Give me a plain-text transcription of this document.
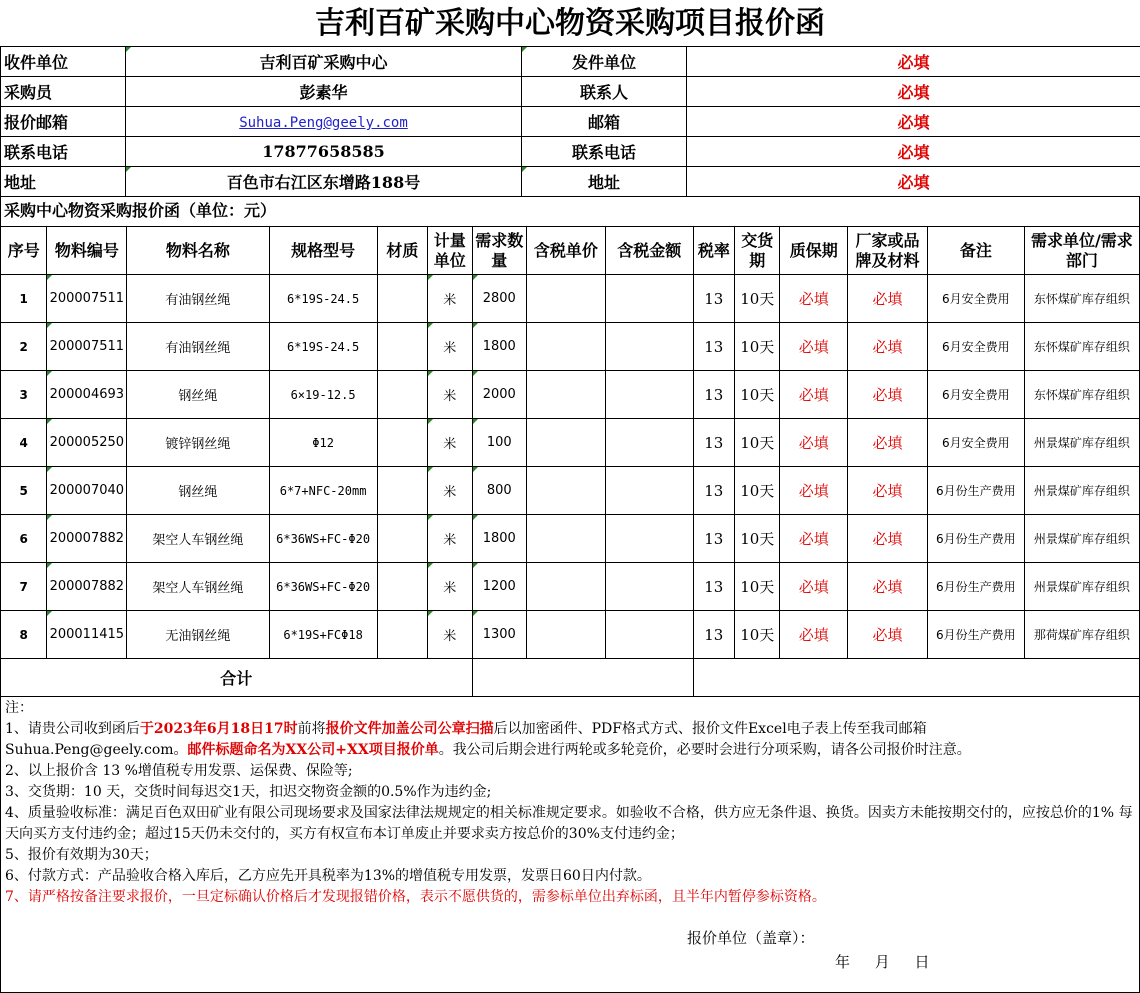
吉利百矿采购中心物资采购项目报价函
收件单位	吉利百矿采购中心	发件单位	必填
采购员	彭素华	联系人	必填
报价邮箱	Suhua.Peng@geely.com	邮箱	必填
联系电话	17877658585	联系电话	必填
地址	百色市右江区东增路188号	地址	必填
采购中心物资采购报价函（单位：元）
序号	物料编号	物料名称	规格型号	材质	计量单位	需求数量	含税单价	含税金额	税率	交货期	质保期	厂家或品牌及材料	备注	需求单位/需求部门
1	200007511	有油钢丝绳	6*19S-24.5		米	2800			13	10天	必填	必填	6月安全费用	东怀煤矿库存组织
2	200007511	有油钢丝绳	6*19S-24.5		米	1800			13	10天	必填	必填	6月安全费用	东怀煤矿库存组织
3	200004693	钢丝绳	6×19-12.5		米	2000			13	10天	必填	必填	6月安全费用	东怀煤矿库存组织
4	200005250	镀锌钢丝绳	Φ12		米	100			13	10天	必填	必填	6月安全费用	州景煤矿库存组织
5	200007040	钢丝绳	6*7+NFC-20mm		米	800			13	10天	必填	必填	6月份生产费用	州景煤矿库存组织
6	200007882	架空人车钢丝绳	6*36WS+FC-Φ20		米	1800			13	10天	必填	必填	6月份生产费用	州景煤矿库存组织
7	200007882	架空人车钢丝绳	6*36WS+FC-Φ20		米	1200			13	10天	必填	必填	6月份生产费用	州景煤矿库存组织
8	200011415	无油钢丝绳	6*19S+FCΦ18		米	1300			13	10天	必填	必填	6月份生产费用	那荷煤矿库存组织
合计														

注：

1、请贵公司收到函后于2023年6月18日17时前将报价文件加盖公司公章扫描后以加密函件、PDF格式方式、报价文件Excel电子表上传至我司邮箱
Suhua.Peng@geely.com。邮件标题命名为XX公司+XX项目报价单。我公司后期会进行两轮或多轮竞价，必要时会进行分项采购，请各公司报价时注意。

2、以上报价含 13 %增值税专用发票、运保费、保险等;

3、交货期：10 天，交货时间每迟交1天，扣迟交物资金额的0.5%作为违约金;

4、质量验收标准：满足百色双田矿业有限公司现场要求及国家法律法规规定的相关标准规定要求。如验收不合格，供方应无条件退、换货。因卖方未能按期交付的，应按总价的1% 每天向买方支付违约金；超过15天仍未交付的，买方有权宣布本订单废止并要求卖方按总价的30%支付违约金；

5、报价有效期为30天；

6、付款方式：产品验收合格入库后，乙方应先开具税率为13%的增值税专用发票，发票日60日内付款。

7、请严格按备注要求报价，一旦定标确认价格后才发现报错价格，表示不愿供货的，需参标单位出弃标函，且半年内暂停参标资格。

报价单位（盖章）：
年 月 日
